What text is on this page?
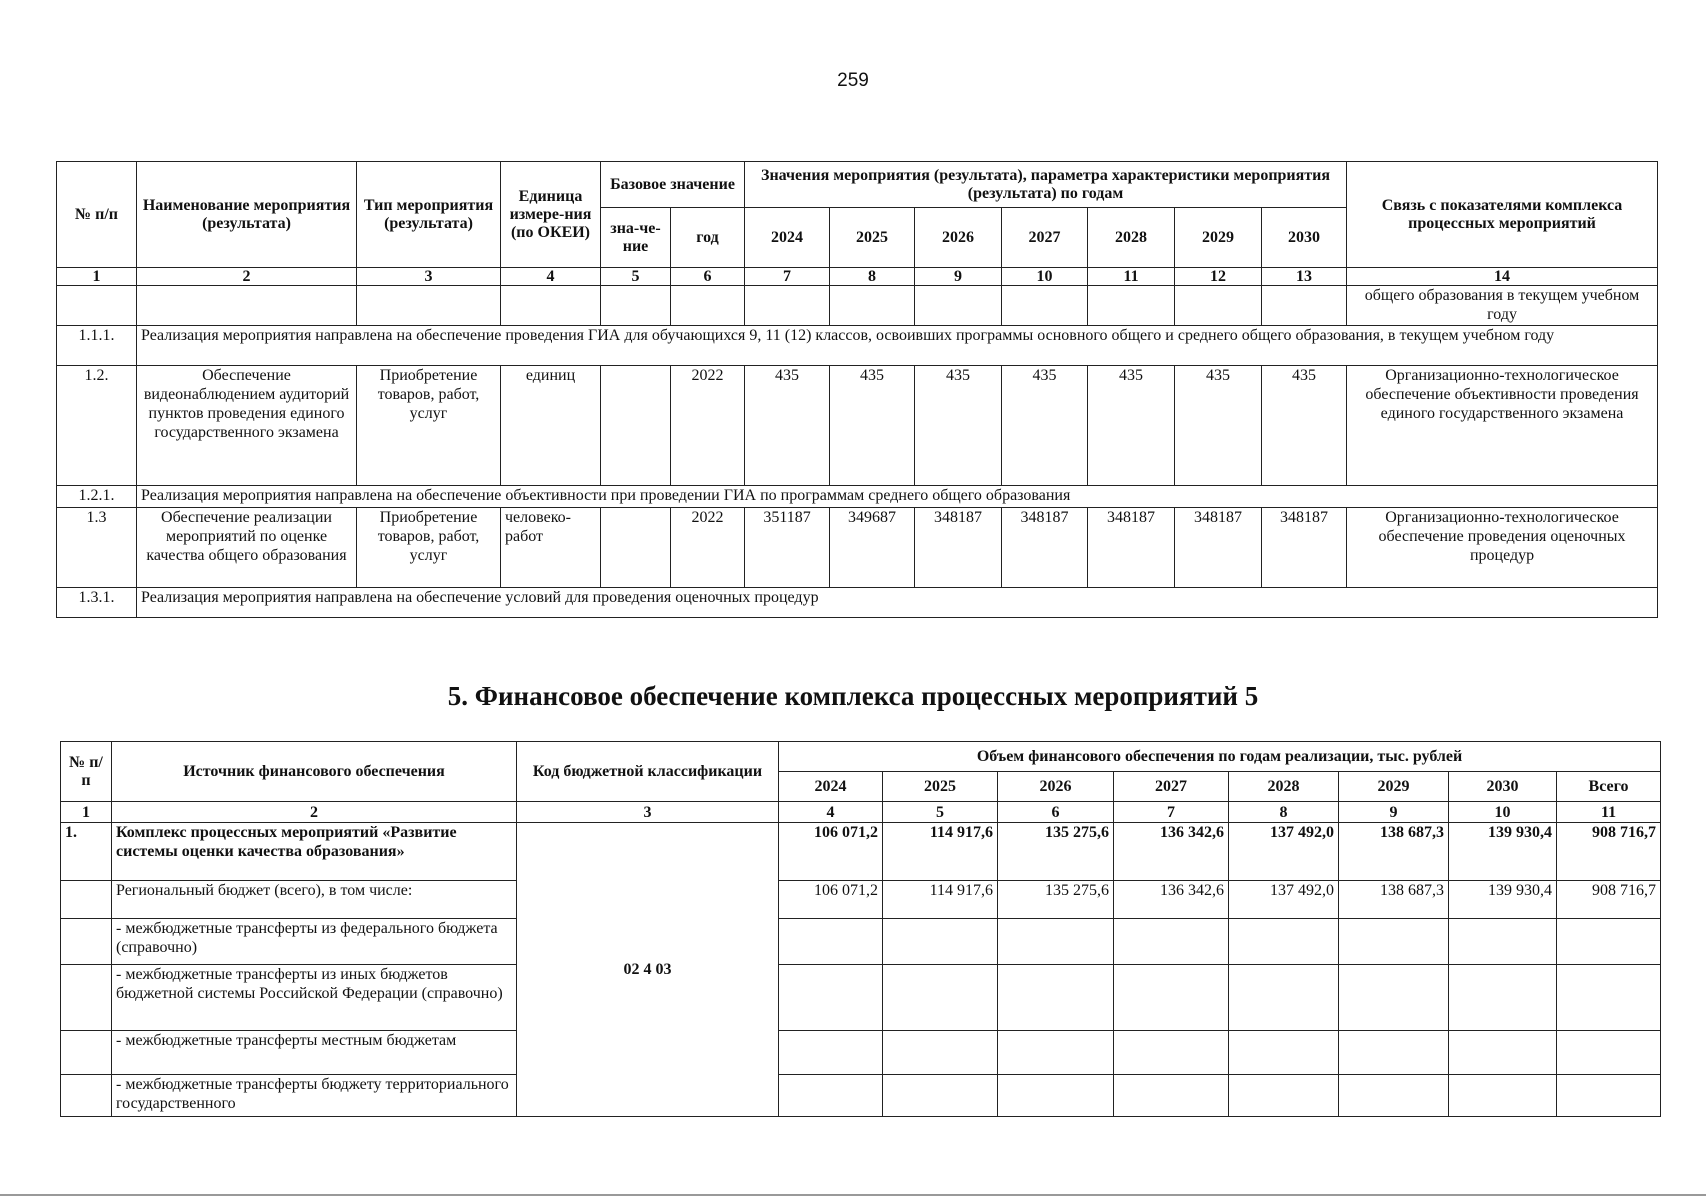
259
№ п/п	Наименование мероприятия (результата)	Тип мероприятия (результата)	Единица измере-ния (по ОКЕИ)	Базовое значение		Значения мероприятия (результата), параметра характеристики мероприятия (результата) по годам							Связь с показателями комплекса процессных мероприятий
				зна-че-ние	год	2024	2025	2026	2027	2028	2029	2030	
1	2	3	4	5	6	7	8	9	10	11	12	13	14
													общего образования в текущем учебном году
1.1.1.	Реализация мероприятия направлена на обеспечение проведения ГИА для обучающихся 9, 11 (12) классов, освоивших программы основного общего и среднего общего образования, в текущем учебном году												
1.2.	Обеспечение видеонаблюдением аудиторий пунктов проведения единого государственного экзамена	Приобретение товаров, работ, услуг	единиц		2022	435	435	435	435	435	435	435	Организационно-технологическое обеспечение объективности проведения единого государственного экзамена
1.2.1.	Реализация мероприятия направлена на обеспечение объективности при проведении ГИА по программам среднего общего образования												
1.3	Обеспечение реализации мероприятий по оценке качества общего образования	Приобретение товаров, работ, услуг	человеко-работ		2022	351187	349687	348187	348187	348187	348187	348187	Организационно-технологическое обеспечение проведения оценочных процедур
1.3.1.	Реализация мероприятия направлена на обеспечение условий для проведения оценочных процедур												
5. Финансовое обеспечение комплекса процессных мероприятий 5
№ п/п	Источник финансового обеспечения	Код бюджетной классификации	Объем финансового обеспечения по годам реализации, тыс. рублей							
			2024	2025	2026	2027	2028	2029	2030	Всего
1	2	3	4	5	6	7	8	9	10	11
1.	Комплекс процессных мероприятий «Развитие системы оценки качества образования»	02 4 03	106 071,2	114 917,6	135 275,6	136 342,6	137 492,0	138 687,3	139 930,4	908 716,7
	Региональный бюджет (всего), в том числе:		106 071,2	114 917,6	135 275,6	136 342,6	137 492,0	138 687,3	139 930,4	908 716,7
	- межбюджетные трансферты из федерального бюджета (справочно)									
	- межбюджетные трансферты из иных бюджетов бюджетной системы Российской Федерации (справочно)									
	- межбюджетные трансферты местным бюджетам									
	- межбюджетные трансферты бюджету территориального государственного									
